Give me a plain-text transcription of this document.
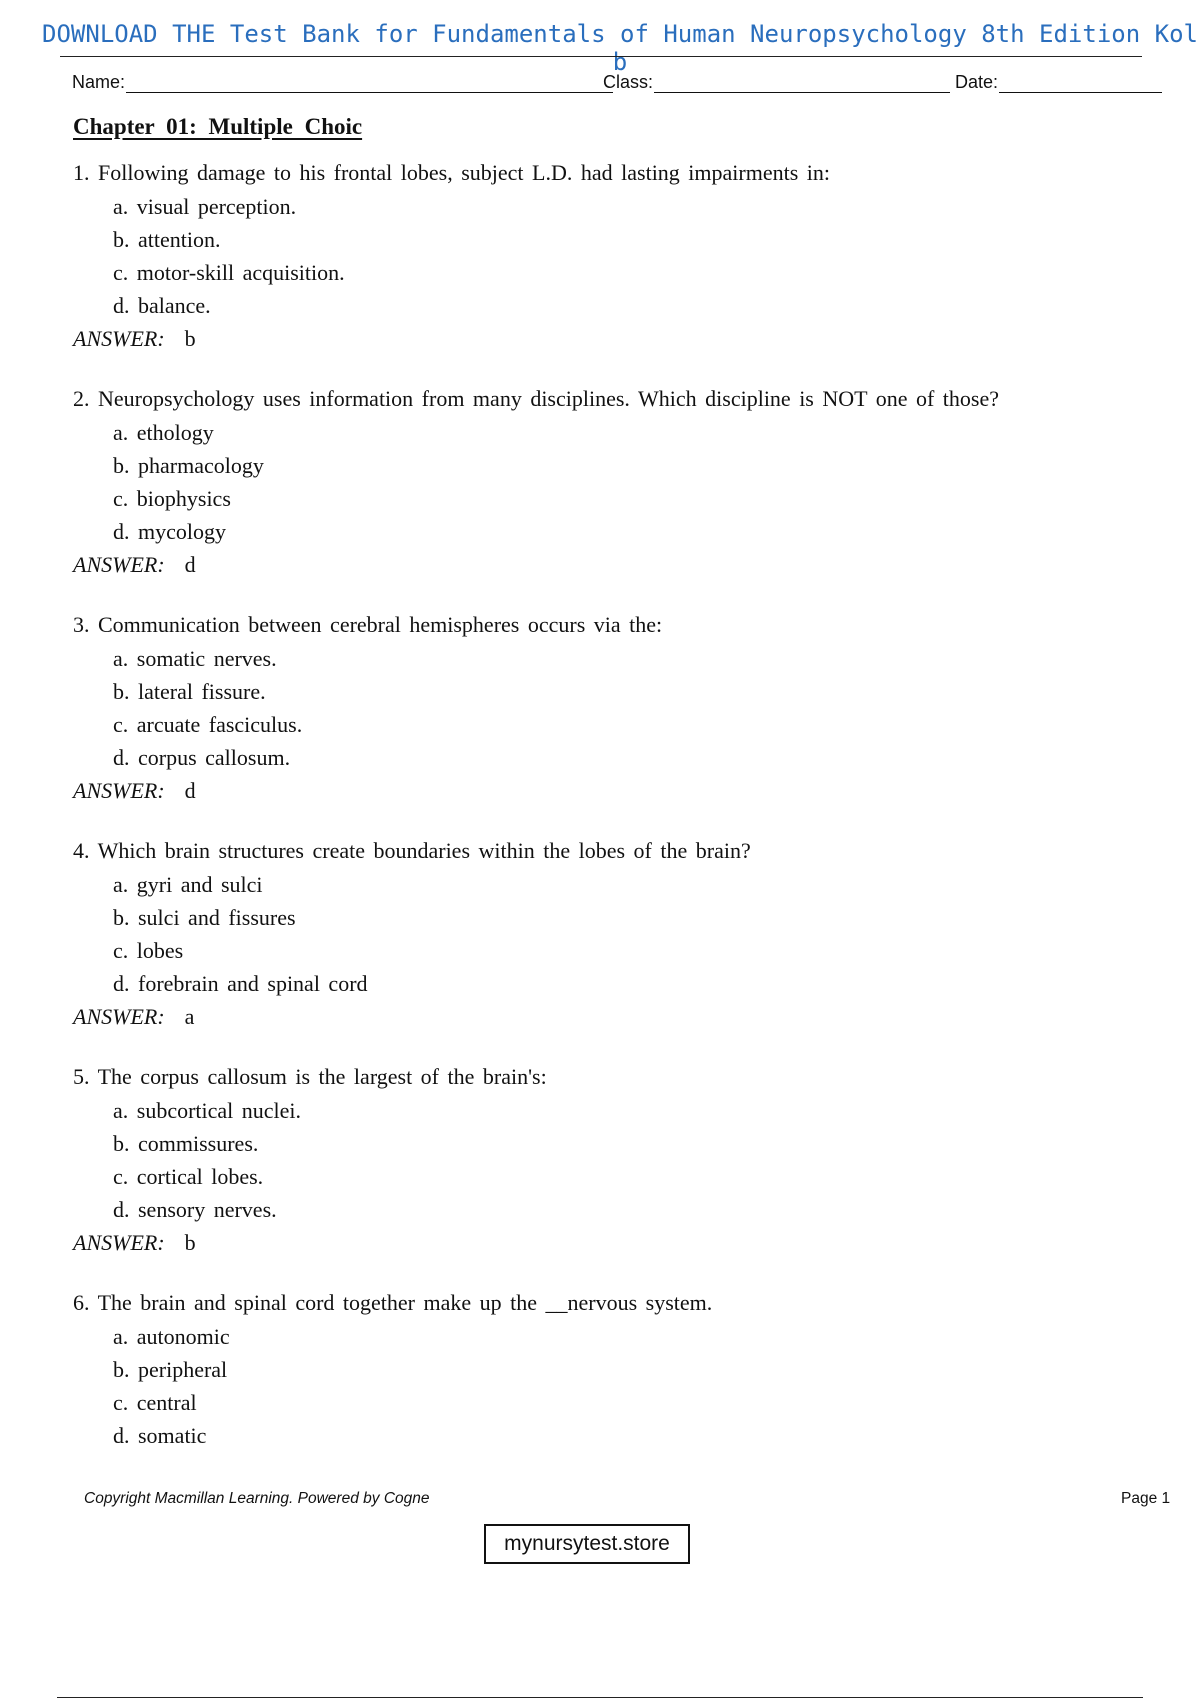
DOWNLOAD THE Test Bank for Fundamentals of Human Neuropsychology 8th Edition Kolb
Name:	Class:	Date:
Chapter 01: Multiple Choic
1. Following damage to his frontal lobes, subject L.D. had lasting impairments in:
a. visual perception.
b. attention.
c. motor-skill acquisition.
d. balance.
ANSWER: b
2. Neuropsychology uses information from many disciplines. Which discipline is NOT one of those?
a. ethology
b. pharmacology
c. biophysics
d. mycology
ANSWER: d
3. Communication between cerebral hemispheres occurs via the:
a. somatic nerves.
b. lateral fissure.
c. arcuate fasciculus.
d. corpus callosum.
ANSWER: d
4. Which brain structures create boundaries within the lobes of the brain?
a. gyri and sulci
b. sulci and fissures
c. lobes
d. forebrain and spinal cord
ANSWER: a
5. The corpus callosum is the largest of the brain's:
a. subcortical nuclei.
b. commissures.
c. cortical lobes.
d. sensory nerves.
ANSWER: b
6. The brain and spinal cord together make up the __nervous system.
a. autonomic
b. peripheral
c. central
d. somatic
Copyright Macmillan Learning. Powered by Cogne	Page 1
mynursytest.store
